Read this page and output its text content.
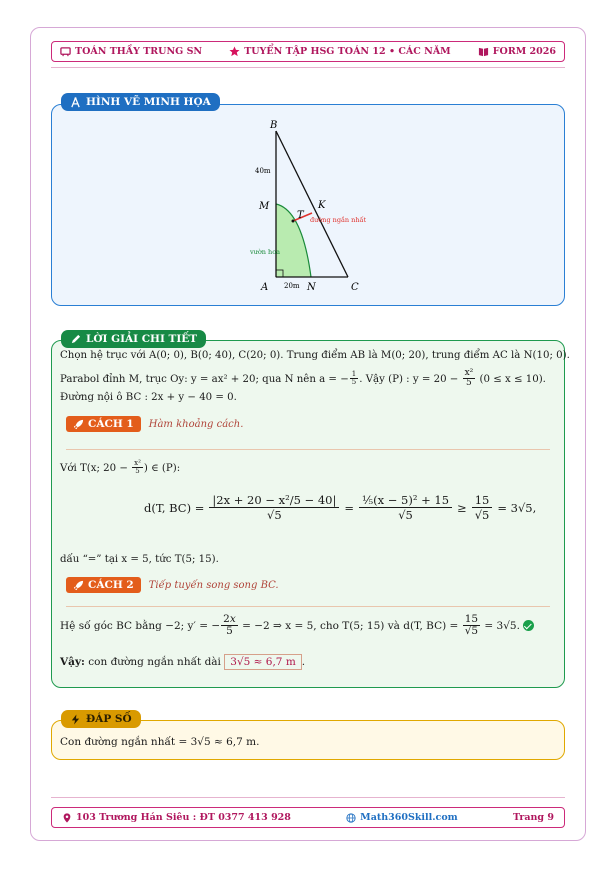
TOÁN THẦY TRUNG SN	TUYỂN TẬP HSG TOÁN 12 • CÁC NĂM	FORM 2026
HÌNH VẼ MINH HỌA
B
40m
M
T
K
đường ngắn nhất
vườn hoa
A 20m N	C
LỜI GIẢI CHI TIẾT
Chọn hệ trục với A(0; 0), B(0; 40), C(20; 0). Trung điểm AB là M(0; 20), trung điểm AC là N(10; 0).
Parabol đỉnh M, trục Oy: y = ax² + 20; qua N nên a = − $\frac{1}{5}$ . Vậy (P) : $y = 20 - \frac{\text{x²}}{5} (0 \le x \le 10)$.
Đường nội ô BC : 2x + y − 40 = 0.
CÁCH 1 Hàm khoảng cách.
Với T(x; $20 - \frac{\text{x²}}{5}$ ) ∈ (P):
d(T, $BC) = \frac{\text{|2x + 20 − x²/5 − 40|}}{√5} = \frac{\text{⅕(x − 5)² + 15}}{√5} \ge \frac{15}{√5} = 3√5$,
dấu “=” tại x = 5, tức T(5; 15).
CÁCH 2 Tiếp tuyến song song BC.
Hệ số góc BC bằng −2; y′ = − $\frac{2x}{5} = -2$ ⇒ x = 5, cho T(5; 15) và d(T, $BC) = \frac{15}{√5} = 3√5$.
Vậy: con đường ngắn nhất dài 3√5 ≈ 6,7 m .
ĐÁP SỐ
Con đường ngắn nhất = 3√5 ≈ 6,7 m.
103 Trương Hán Siêu : ĐT 0377 413 928	Math360Skill.com	Trang 9
